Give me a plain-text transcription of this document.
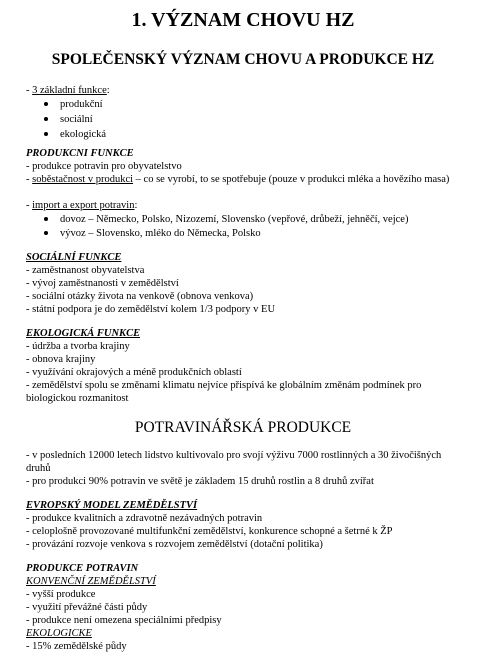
1. VÝZNAM CHOVU HZ
SPOLEČENSKÝ VÝZNAM CHOVU A PRODUKCE HZ
- 3 základní funkce:
produkční
sociální
ekologická
PRODUKCNI FUNKCE
- produkce potravin pro obyvatelstvo
- soběstačnost v produkci – co se vyrobí, to se spotřebuje (pouze v produkci mléka a hovězího masa)
- import a export potravin:
dovoz – Německo, Polsko, Nizozemí, Slovensko (vepřové, drůbeží, jehněčí, vejce)
vývoz – Slovensko, mléko do Německa, Polsko
SOCIÁLNÍ FUNKCE
- zaměstnanost obyvatelstva
- vývoj zaměstnanosti v zemědělství
- sociální otázky života na venkově (obnova venkova)
- státní podpora je do zemědělství kolem 1/3 podpory v EU
EKOLOGICKÁ FUNKCE
- údržba a tvorba krajiny
- obnova krajiny
- využívání okrajových a méně produkčních oblastí
- zemědělství spolu se změnami klimatu nejvíce přispívá ke globálním změnám podmínek pro biologickou rozmanitost
POTRAVINÁŘSKÁ PRODUKCE
- v posledních 12000 letech lidstvo kultivovalo pro svojí výživu 7000 rostlinných a 30 živočišných druhů
- pro produkci 90% potravin ve světě je základem 15 druhů rostlin a 8 druhů zvířat
EVROPSKÝ MODEL ZEMĚDĚLSTVÍ
- produkce kvalitních a zdravotně nezávadných potravin
- celoplošně provozované multifunkční zemědělství, konkurence schopné a šetrné k ŽP
- provázání rozvoje venkova s rozvojem zemědělství (dotační politika)
PRODUKCE POTRAVIN
KONVENČNÍ ZEMĚDĚLSTVÍ
- vyšší produkce
- využití převážné části půdy
- produkce není omezena speciálními předpisy
EKOLOGICKE
- 15% zemědělské půdy
